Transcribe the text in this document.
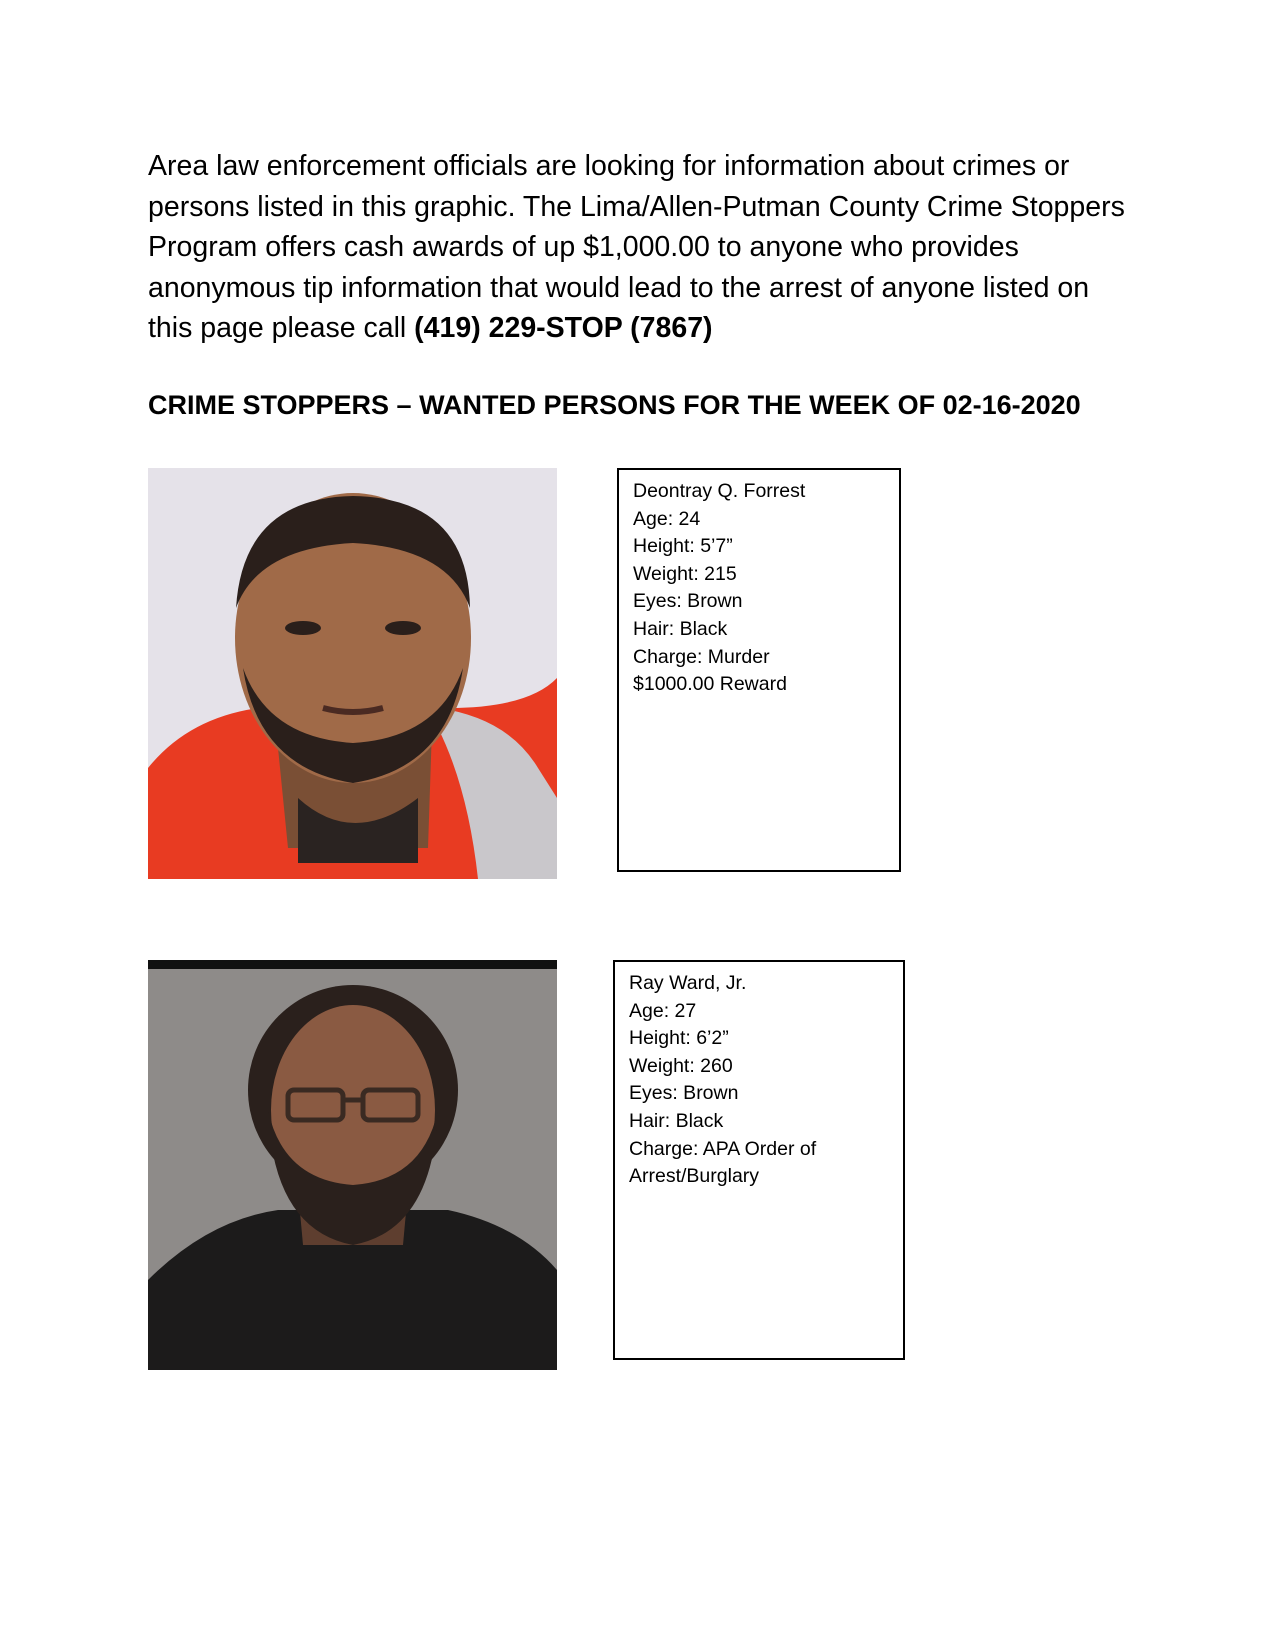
Area law enforcement officials are looking for information about crimes or persons listed in this graphic. The Lima/Allen-Putman County Crime Stoppers Program offers cash awards of up $1,000.00 to anyone who provides anonymous tip information that would lead to the arrest of anyone listed on this page please call (419) 229-STOP (7867)

CRIME STOPPERS – WANTED PERSONS FOR THE WEEK OF 02-16-2020
Deontray Q. Forrest
Age: 24
Height: 5’7”
Weight: 215
Eyes: Brown
Hair: Black
Charge: Murder
$1000.00 Reward
Ray Ward, Jr.
Age: 27
Height: 6’2”
Weight: 260
Eyes: Brown
Hair: Black
Charge: APA Order of Arrest/Burglary
